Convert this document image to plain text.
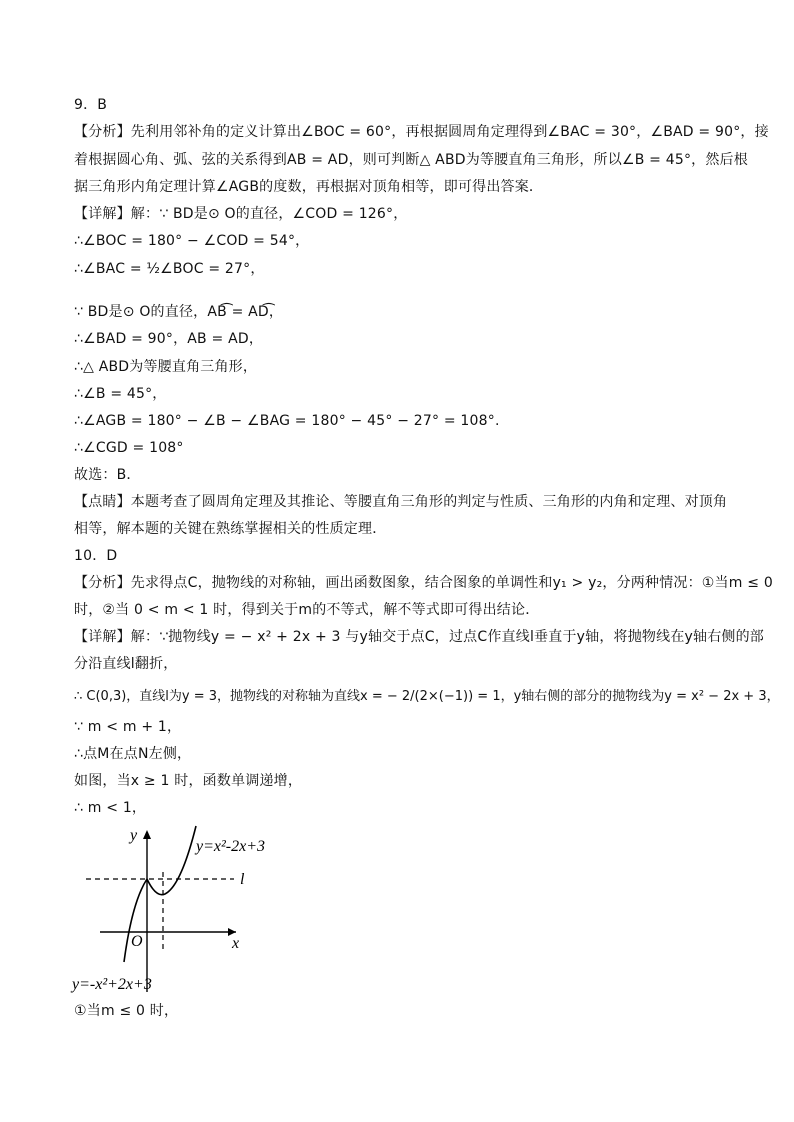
9．B
【分析】先利用邻补角的定义计算出∠BOC = 60°，再根据圆周角定理得到∠BAC = 30°，∠BAD = 90°，接
着根据圆心角、弧、弦的关系得到AB = AD，则可判断△ ABD为等腰直角三角形，所以∠B = 45°，然后根
据三角形内角定理计算∠AGB的度数，再根据对顶角相等，即可得出答案．
【详解】解：∵ BD是⊙ O的直径，∠COD = 126°，
∴∠BOC = 180° − ∠COD = 54°，
∴∠BAC = ½∠BOC = 27°，
∵ BD是⊙ O的直径，AB͡ = AD͡，
∴∠BAD = 90°，AB = AD，
∴△ ABD为等腰直角三角形，
∴∠B = 45°，
∴∠AGB = 180° − ∠B − ∠BAG = 180° − 45° − 27° = 108°.
∴∠CGD = 108°
故选：B．
【点睛】本题考查了圆周角定理及其推论、等腰直角三角形的判定与性质、三角形的内角和定理、对顶角
相等，解本题的关键在熟练掌握相关的性质定理．
10．D
【分析】先求得点C，抛物线的对称轴，画出函数图象，结合图象的单调性和y₁ > y₂，分两种情况：①当m ≤ 0
时，②当 0 < m < 1 时，得到关于m的不等式，解不等式即可得出结论．
【详解】解：∵抛物线y = − x² + 2x + 3 与y轴交于点C，过点C作直线l垂直于y轴，将抛物线在y轴右侧的部
分沿直线l翻折，
∴ C(0,3)，直线l为y = 3，抛物线的对称轴为直线x = − 2/(2×(−1)) = 1，y轴右侧的部分的抛物线为y = x² − 2x + 3，
∵ m < m + 1，
∴点M在点N左侧，
如图，当x ≥ 1 时，函数单调递增，
∴ m < 1，
y
x
O
l
y=x²-2x+3
y=-x²+2x+3
①当m ≤ 0 时，
